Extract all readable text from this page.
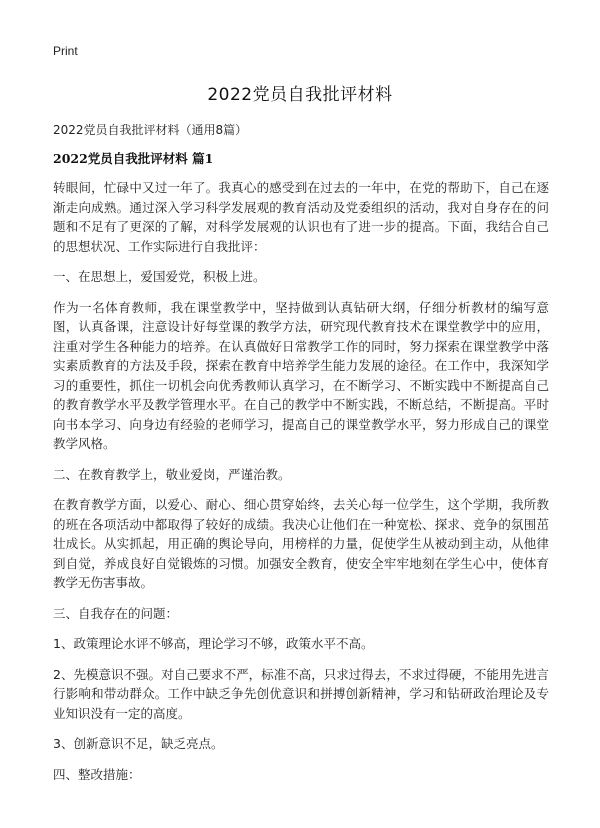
Print
2022党员自我批评材料
2022党员自我批评材料（通用8篇）
2022党员自我批评材料 篇1

转眼间，忙碌中又过一年了。我真心的感受到在过去的一年中，在党的帮助下，自己在逐渐走向成熟。通过深入学习科学发展观的教育活动及党委组织的活动，我对自身存在的问题和不足有了更深的了解，对科学发展观的认识也有了进一步的提高。下面，我结合自己的思想状况、工作实际进行自我批评：

一、在思想上，爱国爱党，积极上进。

作为一名体育教师，我在课堂教学中，坚持做到认真钻研大纲，仔细分析教材的编写意图，认真备课，注意设计好每堂课的教学方法，研究现代教育技术在课堂教学中的应用，注重对学生各种能力的培养。在认真做好日常教学工作的同时，努力探索在课堂教学中落实素质教育的方法及手段，探索在教育中培养学生能力发展的途径。在工作中，我深知学习的重要性，抓住一切机会向优秀教师认真学习，在不断学习、不断实践中不断提高自己的教育教学水平及教学管理水平。在自己的教学中不断实践，不断总结，不断提高。平时向书本学习、向身边有经验的老师学习，提高自己的课堂教学水平，努力形成自己的课堂教学风格。

二、在教育教学上，敬业爱岗，严谨治教。

在教育教学方面，以爱心、耐心、细心贯穿始终，去关心每一位学生，这个学期，我所教的班在各项活动中都取得了较好的成绩。我决心让他们在一种宽松、探求、竞争的氛围茁壮成长。从实抓起，用正确的舆论导向，用榜样的力量，促使学生从被动到主动，从他律到自觉，养成良好自觉锻炼的习惯。加强安全教育，使安全牢牢地刻在学生心中，使体育教学无伤害事故。

三、自我存在的问题：

1、政策理论水评不够高，理论学习不够，政策水平不高。

2、先模意识不强。对自己要求不严，标准不高，只求过得去，不求过得硬，不能用先进言行影响和带动群众。工作中缺乏争先创优意识和拼搏创新精神，学习和钻研政治理论及专业知识没有一定的高度。

3、创新意识不足，缺乏亮点。

四、整改措施：
